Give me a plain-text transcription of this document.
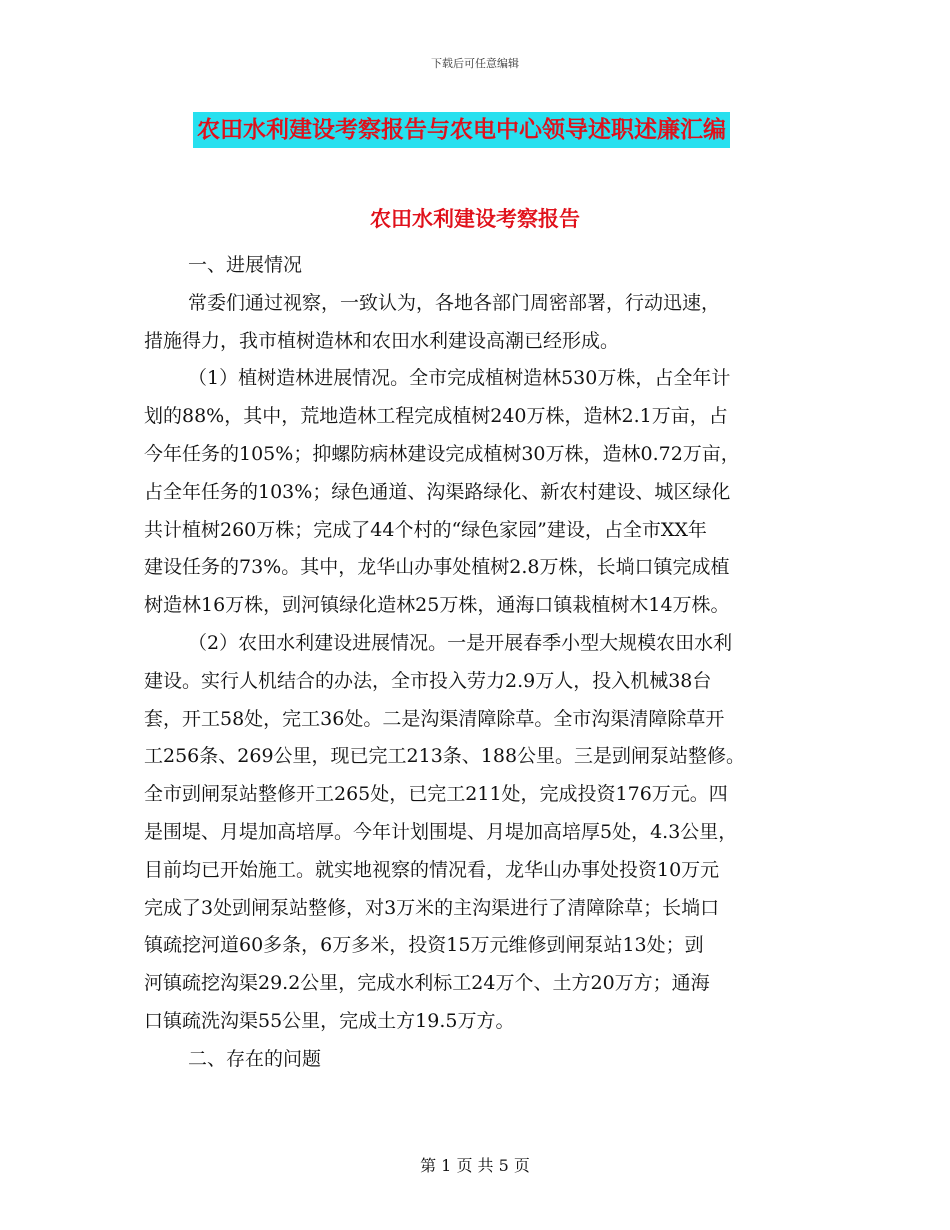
下载后可任意编辑
农田水利建设考察报告与农电中心领导述职述廉汇编
农田水利建设考察报告
一、进展情况
常委们通过视察，一致认为，各地各部门周密部署，行动迅速，
措施得力，我市植树造林和农田水利建设高潮已经形成。
（1）植树造林进展情况。全市完成植树造林530万株，占全年计
划的88%，其中，荒地造林工程完成植树240万株，造林2.1万亩，占
今年任务的105%；抑螺防病林建设完成植树30万株，造林0.72万亩，
占全年任务的103%；绿色通道、沟渠路绿化、新农村建设、城区绿化
共计植树260万株；完成了44个村的“绿色家园”建设，占全市XX年
建设任务的73%。其中，龙华山办事处植树2.8万株，长埫口镇完成植
树造林16万株，剅河镇绿化造林25万株，通海口镇栽植树木14万株。
（2）农田水利建设进展情况。一是开展春季小型大规模农田水利
建设。实行人机结合的办法，全市投入劳力2.9万人，投入机械38台
套，开工58处，完工36处。二是沟渠清障除草。全市沟渠清障除草开
工256条、269公里，现已完工213条、188公里。三是剅闸泵站整修。
全市剅闸泵站整修开工265处，已完工211处，完成投资176万元。四
是围堤、月堤加高培厚。今年计划围堤、月堤加高培厚5处，4.3公里，
目前均已开始施工。就实地视察的情况看，龙华山办事处投资10万元
完成了3处剅闸泵站整修，对3万米的主沟渠进行了清障除草；长埫口
镇疏挖河道60多条，6万多米，投资15万元维修剅闸泵站13处；剅
河镇疏挖沟渠29.2公里，完成水利标工24万个、土方20万方；通海
口镇疏洗沟渠55公里，完成土方19.5万方。
二、存在的问题
第 1 页 共 5 页
